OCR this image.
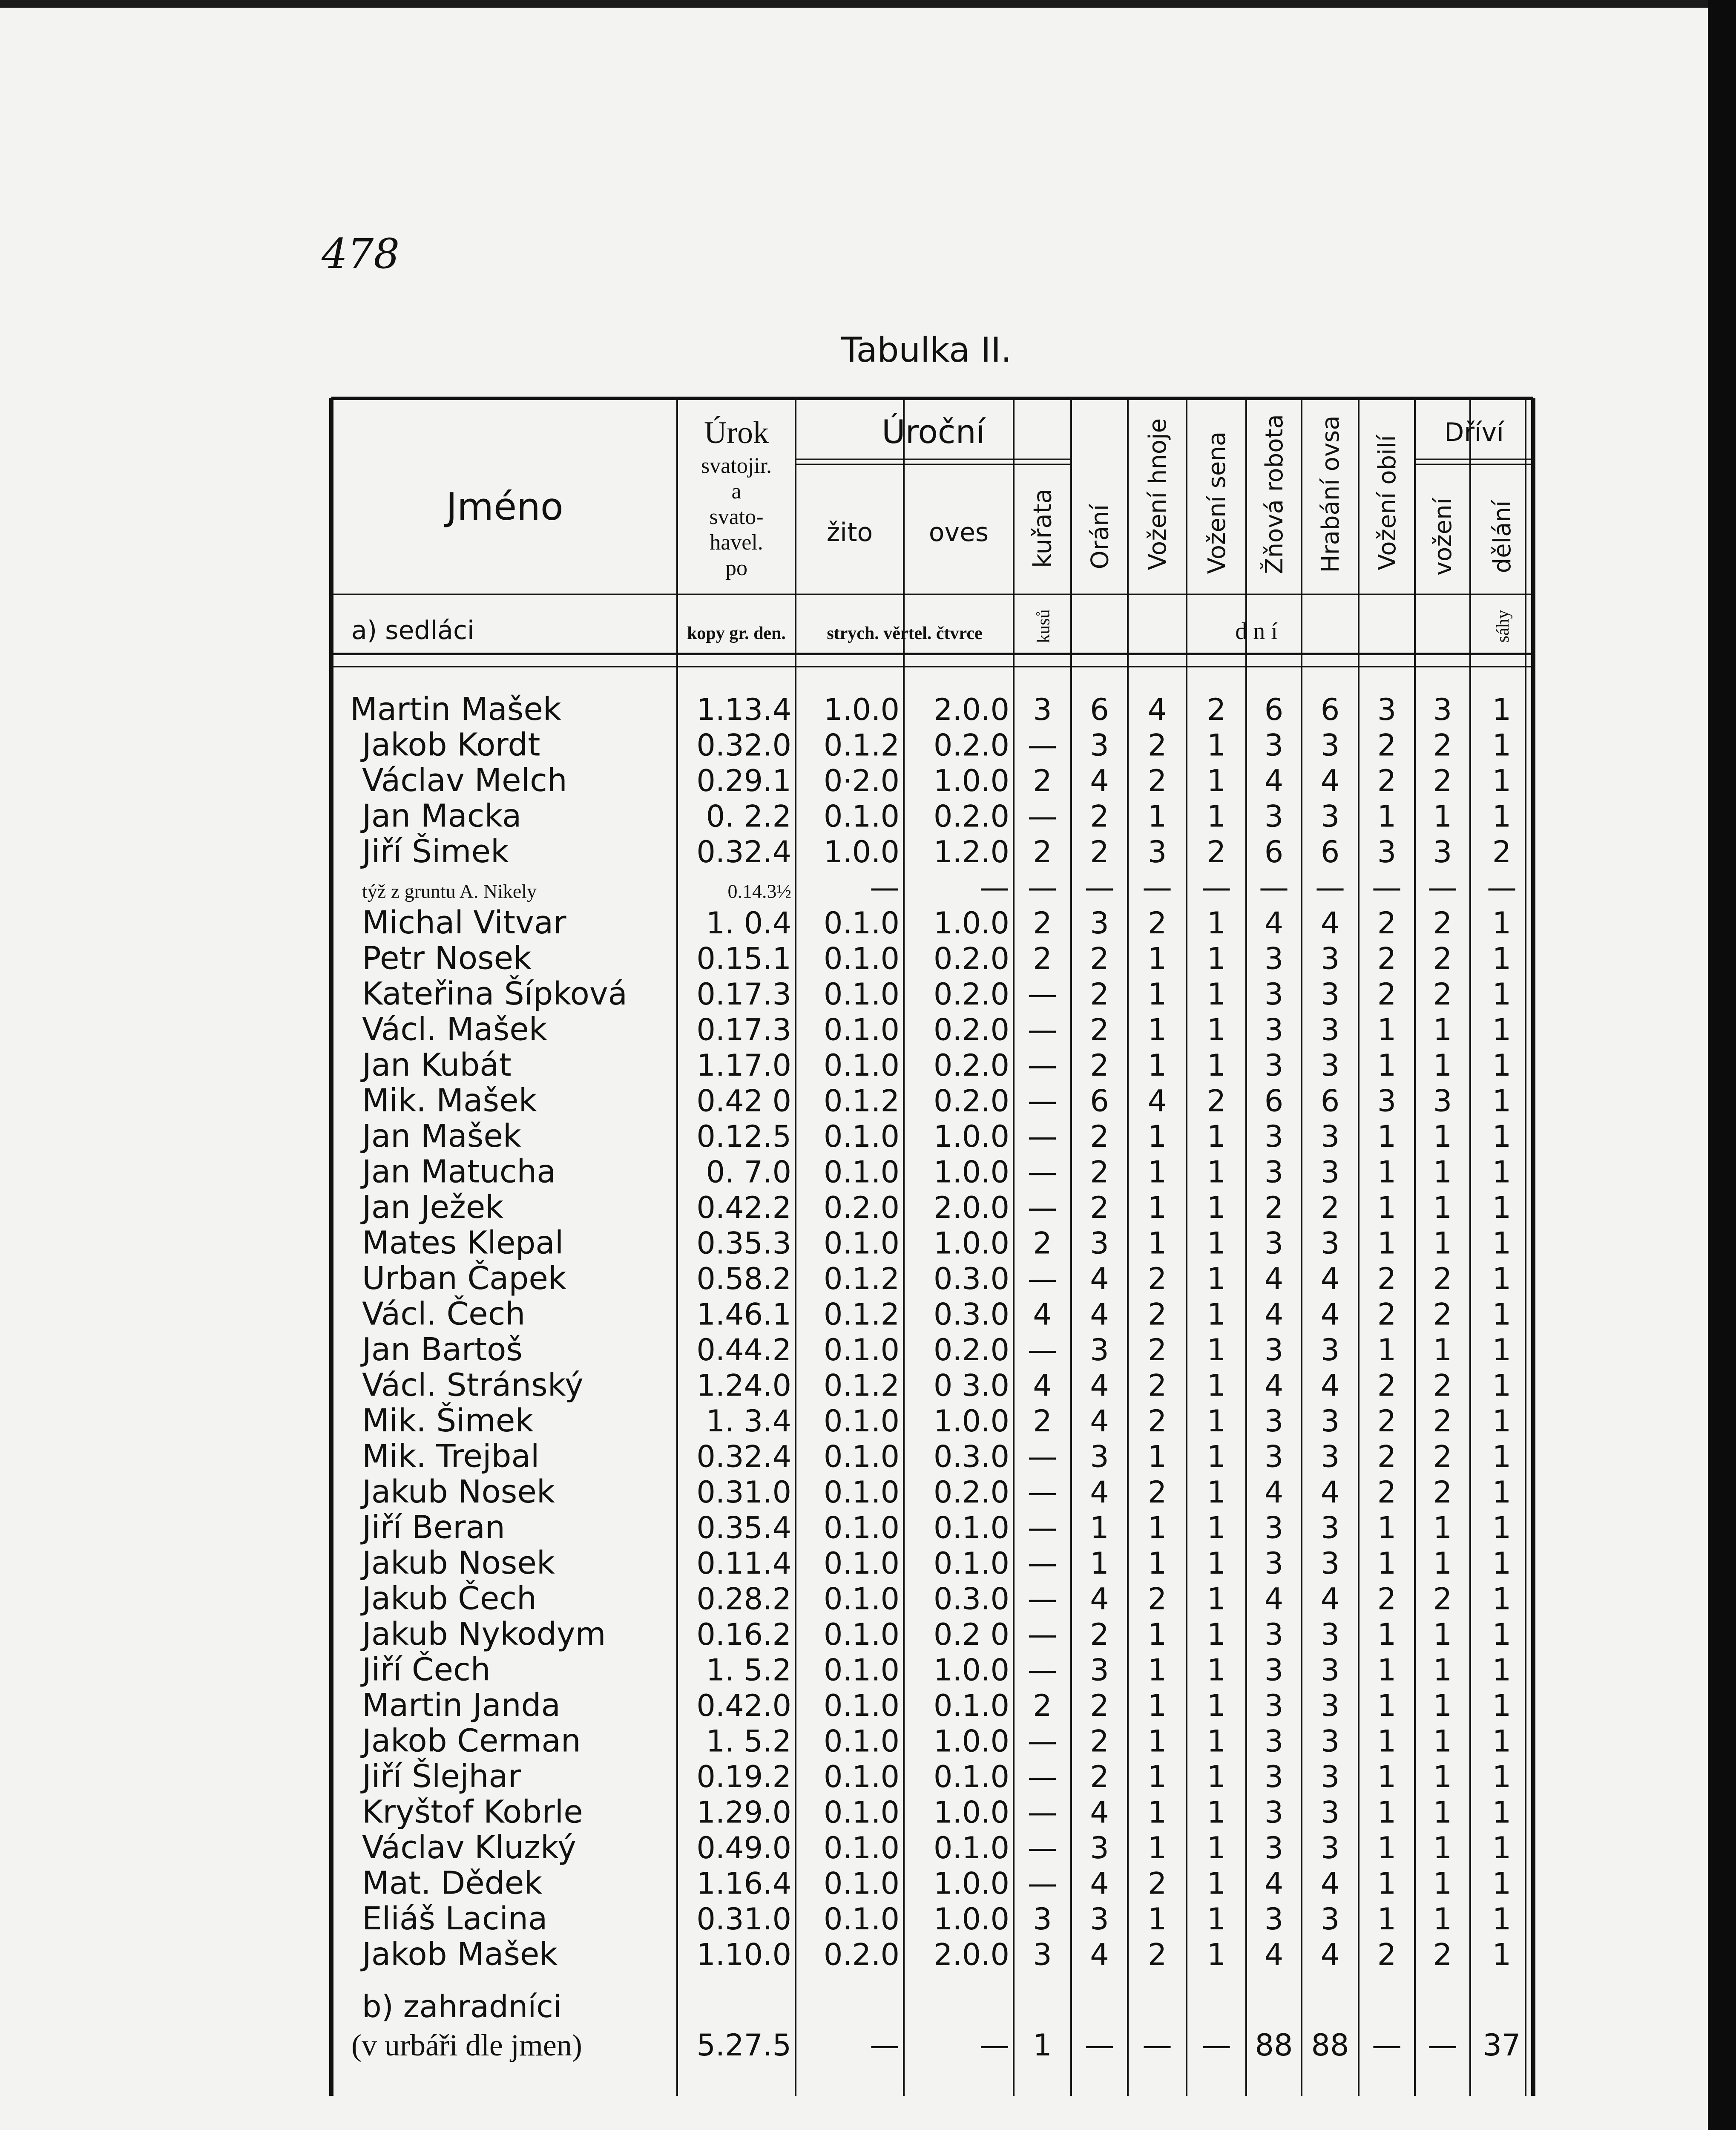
478
Tabulka II.
Jméno
Úrok
svatojir.
a
svato-
havel.
po
Úroční
žito oves kuřata Orání Vožení hnoje Vožení sena Žňová robota Hrabání ovsa Vožení obilí
Dříví
vožení dělání
a) sedláci	kopy gr. den. strych. věrtel. čtvrce	kusů	d n í	sáhy
Martin Mašek	1.13.4 1.0.0 2.0.0 3 6 4 2 6 6 3 3 1
Jakob Kordt	0.32.0 0.1.2 0.2.0 — 3 2 1 3 3 2 2 1
Václav Melch	0.29.1 0·2.0 1.0.0 2 4 2 1 4 4 2 2 1
Jan Macka	0. 2.2 0.1.0 0.2.0 — 2 1 1 3 3 1 1 1
Jiří Šimek	0.32.4 1.0.0 1.2.0 2 2 3 2 6 6 3 3 2
týž z gruntu A. Nikely	0.14.3½	—	— — — — — — — — — —
Michal Vitvar	1. 0.4 0.1.0 1.0.0 2 3 2 1 4 4 2 2 1
Petr Nosek	0.15.1 0.1.0 0.2.0 2 2 1 1 3 3 2 2 1
Kateřina Šípková 0.17.3 0.1.0 0.2.0 — 2 1 1 3 3 2 2 1
Václ. Mašek	0.17.3 0.1.0 0.2.0 — 2 1 1 3 3 1 1 1
Jan Kubát	1.17.0 0.1.0 0.2.0 — 2 1 1 3 3 1 1 1
Mik. Mašek	0.42 0 0.1.2 0.2.0 — 6 4 2 6 6 3 3 1
Jan Mašek	0.12.5 0.1.0 1.0.0 — 2 1 1 3 3 1 1 1
Jan Matucha	0. 7.0 0.1.0 1.0.0 — 2 1 1 3 3 1 1 1
Jan Ježek	0.42.2 0.2.0 2.0.0 — 2 1 1 2 2 1 1 1
Mates Klepal	0.35.3 0.1.0 1.0.0 2 3 1 1 3 3 1 1 1
Urban Čapek	0.58.2 0.1.2 0.3.0 — 4 2 1 4 4 2 2 1
Václ. Čech	1.46.1 0.1.2 0.3.0 4 4 2 1 4 4 2 2 1
Jan Bartoš	0.44.2 0.1.0 0.2.0 — 3 2 1 3 3 1 1 1
Václ. Stránský	1.24.0 0.1.2 0 3.0 4 4 2 1 4 4 2 2 1
Mik. Šimek	1. 3.4 0.1.0 1.0.0 2 4 2 1 3 3 2 2 1
Mik. Trejbal	0.32.4 0.1.0 0.3.0 — 3 1 1 3 3 2 2 1
Jakub Nosek	0.31.0 0.1.0 0.2.0 — 4 2 1 4 4 2 2 1
Jiří Beran	0.35.4 0.1.0 0.1.0 — 1 1 1 3 3 1 1 1
Jakub Nosek	0.11.4 0.1.0 0.1.0 — 1 1 1 3 3 1 1 1
Jakub Čech	0.28.2 0.1.0 0.3.0 — 4 2 1 4 4 2 2 1
Jakub Nykodym	0.16.2 0.1.0 0.2 0 — 2 1 1 3 3 1 1 1
Jiří Čech	1. 5.2 0.1.0 1.0.0 — 3 1 1 3 3 1 1 1
Martin Janda	0.42.0 0.1.0 0.1.0 2 2 1 1 3 3 1 1 1
Jakob Cerman	1. 5.2 0.1.0 1.0.0 — 2 1 1 3 3 1 1 1
Jiří Šlejhar	0.19.2 0.1.0 0.1.0 — 2 1 1 3 3 1 1 1
Kryštof Kobrle	1.29.0 0.1.0 1.0.0 — 4 1 1 3 3 1 1 1
Václav Kluzký	0.49.0 0.1.0 0.1.0 — 3 1 1 3 3 1 1 1
Mat. Dědek	1.16.4 0.1.0 1.0.0 — 4 2 1 4 4 1 1 1
Eliáš Lacina	0.31.0 0.1.0 1.0.0 3 3 1 1 3 3 1 1 1
Jakob Mašek	1.10.0 0.2.0 2.0.0 3 4 2 1 4 4 2 2 1
b) zahradníci
(v urbáři dle jmen)	5.27.5	—	— 1 — — — 88 88 — — 37
